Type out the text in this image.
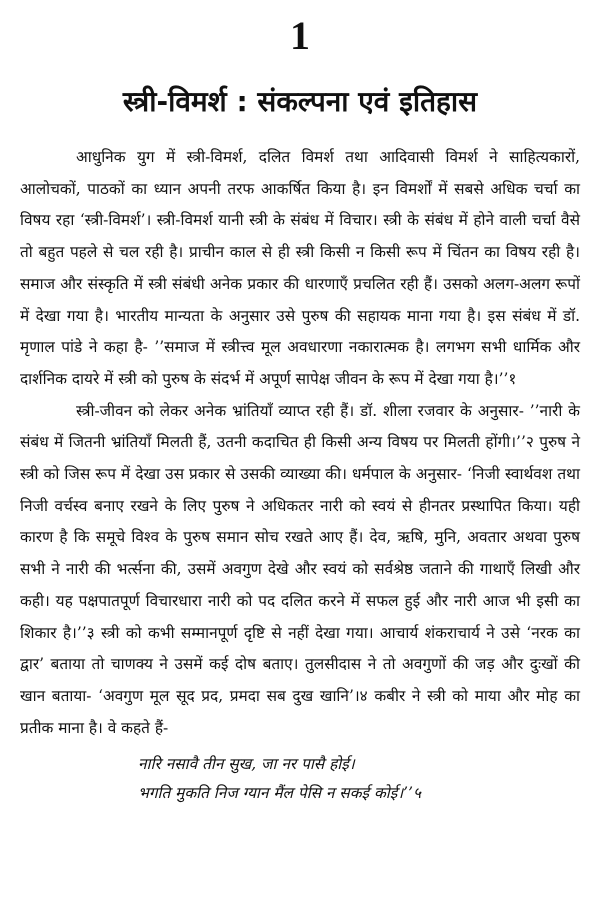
1
स्त्री-विमर्श : संकल्पना एवं इतिहास

आधुनिक युग में स्त्री-विमर्श, दलित विमर्श तथा आदिवासी विमर्श ने साहित्यकारों, आलोचकों, पाठकों का ध्यान अपनी तरफ आकर्षित किया है। इन विमर्शों में सबसे अधिक चर्चा का विषय रहा ‘स्त्री-विमर्श’। स्त्री-विमर्श यानी स्त्री के संबंध में विचार। स्त्री के संबंध में होने वाली चर्चा वैसे तो बहुत पहले से चल रही है। प्राचीन काल से ही स्त्री किसी न किसी रूप में चिंतन का विषय रही है। समाज और संस्कृति में स्त्री संबंधी अनेक प्रकार की धारणाएँ प्रचलित रही हैं। उसको अलग-अलग रूपों में देखा गया है। भारतीय मान्यता के अनुसार उसे पुरुष की सहायक माना गया है। इस संबंध में डॉ. मृणाल पांडे ने कहा है- ’’समाज में स्त्रीत्त्व मूल अवधारणा नकारात्मक है। लगभग सभी धार्मिक और दार्शनिक दायरे में स्त्री को पुरुष के संदर्भ में अपूर्ण सापेक्ष जीवन के रूप में देखा गया है।’’१

स्त्री-जीवन को लेकर अनेक भ्रांतियाँ व्याप्त रही हैं। डॉ. शीला रजवार के अनुसार- ’’नारी के संबंध में जितनी भ्रांतियाँ मिलती हैं, उतनी कदाचित ही किसी अन्य विषय पर मिलती होंगी।’’२ पुरुष ने स्त्री को जिस रूप में देखा उस प्रकार से उसकी व्याख्या की। धर्मपाल के अनुसार- ‘निजी स्वार्थवश तथा निजी वर्चस्व बनाए रखने के लिए पुरुष ने अधिकतर नारी को स्वयं से हीनतर प्रस्थापित किया। यही कारण है कि समूचे विश्व के पुरुष समान सोच रखते आए हैं। देव, ऋषि, मुनि, अवतार अथवा पुरुष सभी ने नारी की भर्त्सना की, उसमें अवगुण देखे और स्वयं को सर्वश्रेष्ठ जताने की गाथाएँ लिखी और कही। यह पक्षपातपूर्ण विचारधारा नारी को पद दलित करने में सफल हुई और नारी आज भी इसी का शिकार है।’’३ स्त्री को कभी सम्मानपूर्ण दृष्टि से नहीं देखा गया। आचार्य शंकराचार्य ने उसे ‘नरक का द्वार’ बताया तो चाणक्य ने उसमें कई दोष बताए। तुलसीदास ने तो अवगुणों की जड़ और दुःखों की खान बताया- ‘अवगुण मूल सूद प्रद, प्रमदा सब दुख खानि’।४ कबीर ने स्त्री को माया और मोह का प्रतीक माना है। वे कहते हैं-

नारि नसावै तीन सुख, जा नर पासै होई।
भगति मुकति निज ग्यान मैंल पेसि न सकई कोई।’’५
